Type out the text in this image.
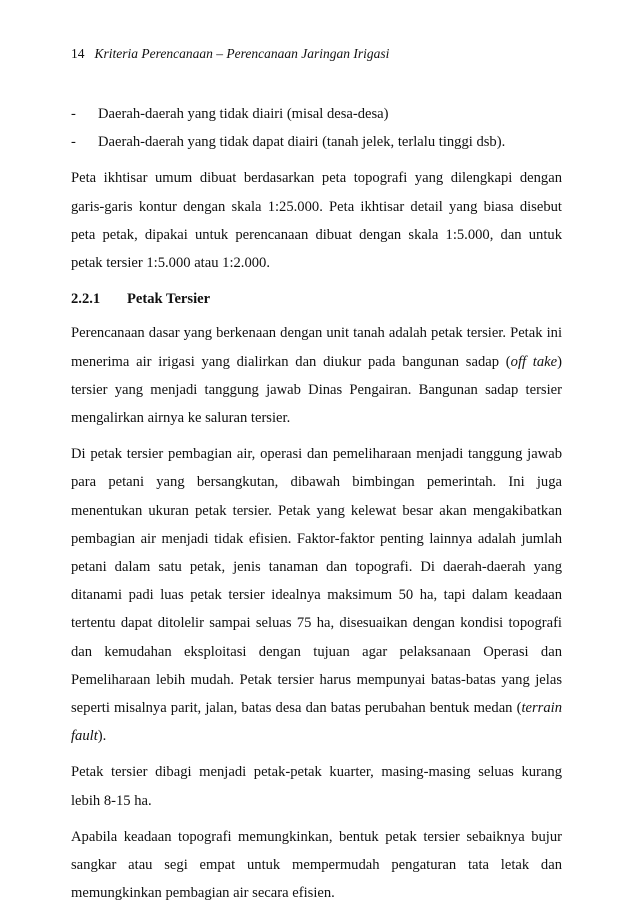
14 Kriteria Perencanaan – Perencanaan Jaringan Irigasi
-	Daerah-daerah yang tidak diairi (misal desa-desa)
-	Daerah-daerah yang tidak dapat diairi (tanah jelek, terlalu tinggi dsb).

Peta ikhtisar umum dibuat berdasarkan peta topografi yang dilengkapi dengan garis-garis kontur dengan skala 1:25.000. Peta ikhtisar detail yang biasa disebut peta petak, dipakai untuk perencanaan dibuat dengan skala 1:5.000, dan untuk petak tersier 1:5.000 atau 1:2.000.

2.2.1	Petak Tersier

Perencanaan dasar yang berkenaan dengan unit tanah adalah petak tersier. Petak ini menerima air irigasi yang dialirkan dan diukur pada bangunan sadap (off take) tersier yang menjadi tanggung jawab Dinas Pengairan. Bangunan sadap tersier mengalirkan airnya ke saluran tersier.

Di petak tersier pembagian air, operasi dan pemeliharaan menjadi tanggung jawab para petani yang bersangkutan, dibawah bimbingan pemerintah. Ini juga menentukan ukuran petak tersier. Petak yang kelewat besar akan mengakibatkan pembagian air menjadi tidak efisien. Faktor-faktor penting lainnya adalah jumlah petani dalam satu petak, jenis tanaman dan topografi. Di daerah-daerah yang ditanami padi luas petak tersier idealnya maksimum 50 ha, tapi dalam keadaan tertentu dapat ditolelir sampai seluas 75 ha, disesuaikan dengan kondisi topografi dan kemudahan eksploitasi dengan tujuan agar pelaksanaan Operasi dan Pemeliharaan lebih mudah. Petak tersier harus mempunyai batas-batas yang jelas seperti misalnya parit, jalan, batas desa dan batas perubahan bentuk medan (terrain fault).

Petak tersier dibagi menjadi petak-petak kuarter, masing-masing seluas kurang lebih 8-15 ha.

Apabila keadaan topografi memungkinkan, bentuk petak tersier sebaiknya bujur sangkar atau segi empat untuk mempermudah pengaturan tata letak dan memungkinkan pembagian air secara efisien.
